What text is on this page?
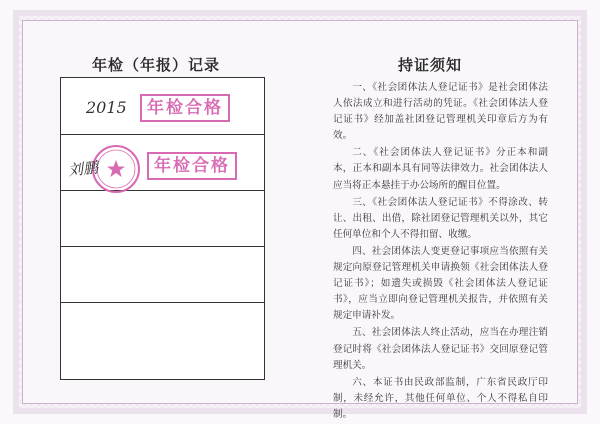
年检（年报）记录	持证须知
2015	年检合格
刘鹏	年检合格

一、《社会团体法人登记证书》是社会团体法人依法成立和进行活动的凭证。《社会团体法人登记证书》经加盖社团登记管理机关印章后方为有效。

二、《社会团体法人登记证书》分正本和副本，正本和副本具有同等法律效力。社会团体法人应当将正本悬挂于办公场所的醒目位置。

三、《社会团体法人登记证书》不得涂改、转让、出租、出借，除社团登记管理机关以外，其它任何单位和个人不得扣留、收缴。

四、社会团体法人变更登记事项应当依照有关规定向原登记管理机关申请换领《社会团体法人登记证书》；如遗失或损毁《社会团体法人登记证书》，应当立即向登记管理机关报告，并依照有关规定申请补发。

五、社会团体法人终止活动，应当在办理注销登记时将《社会团体法人登记证书》交回原登记管理机关。

六、本证书由民政部监制，广东省民政厅印制，未经允许，其他任何单位、个人不得私自印制。
